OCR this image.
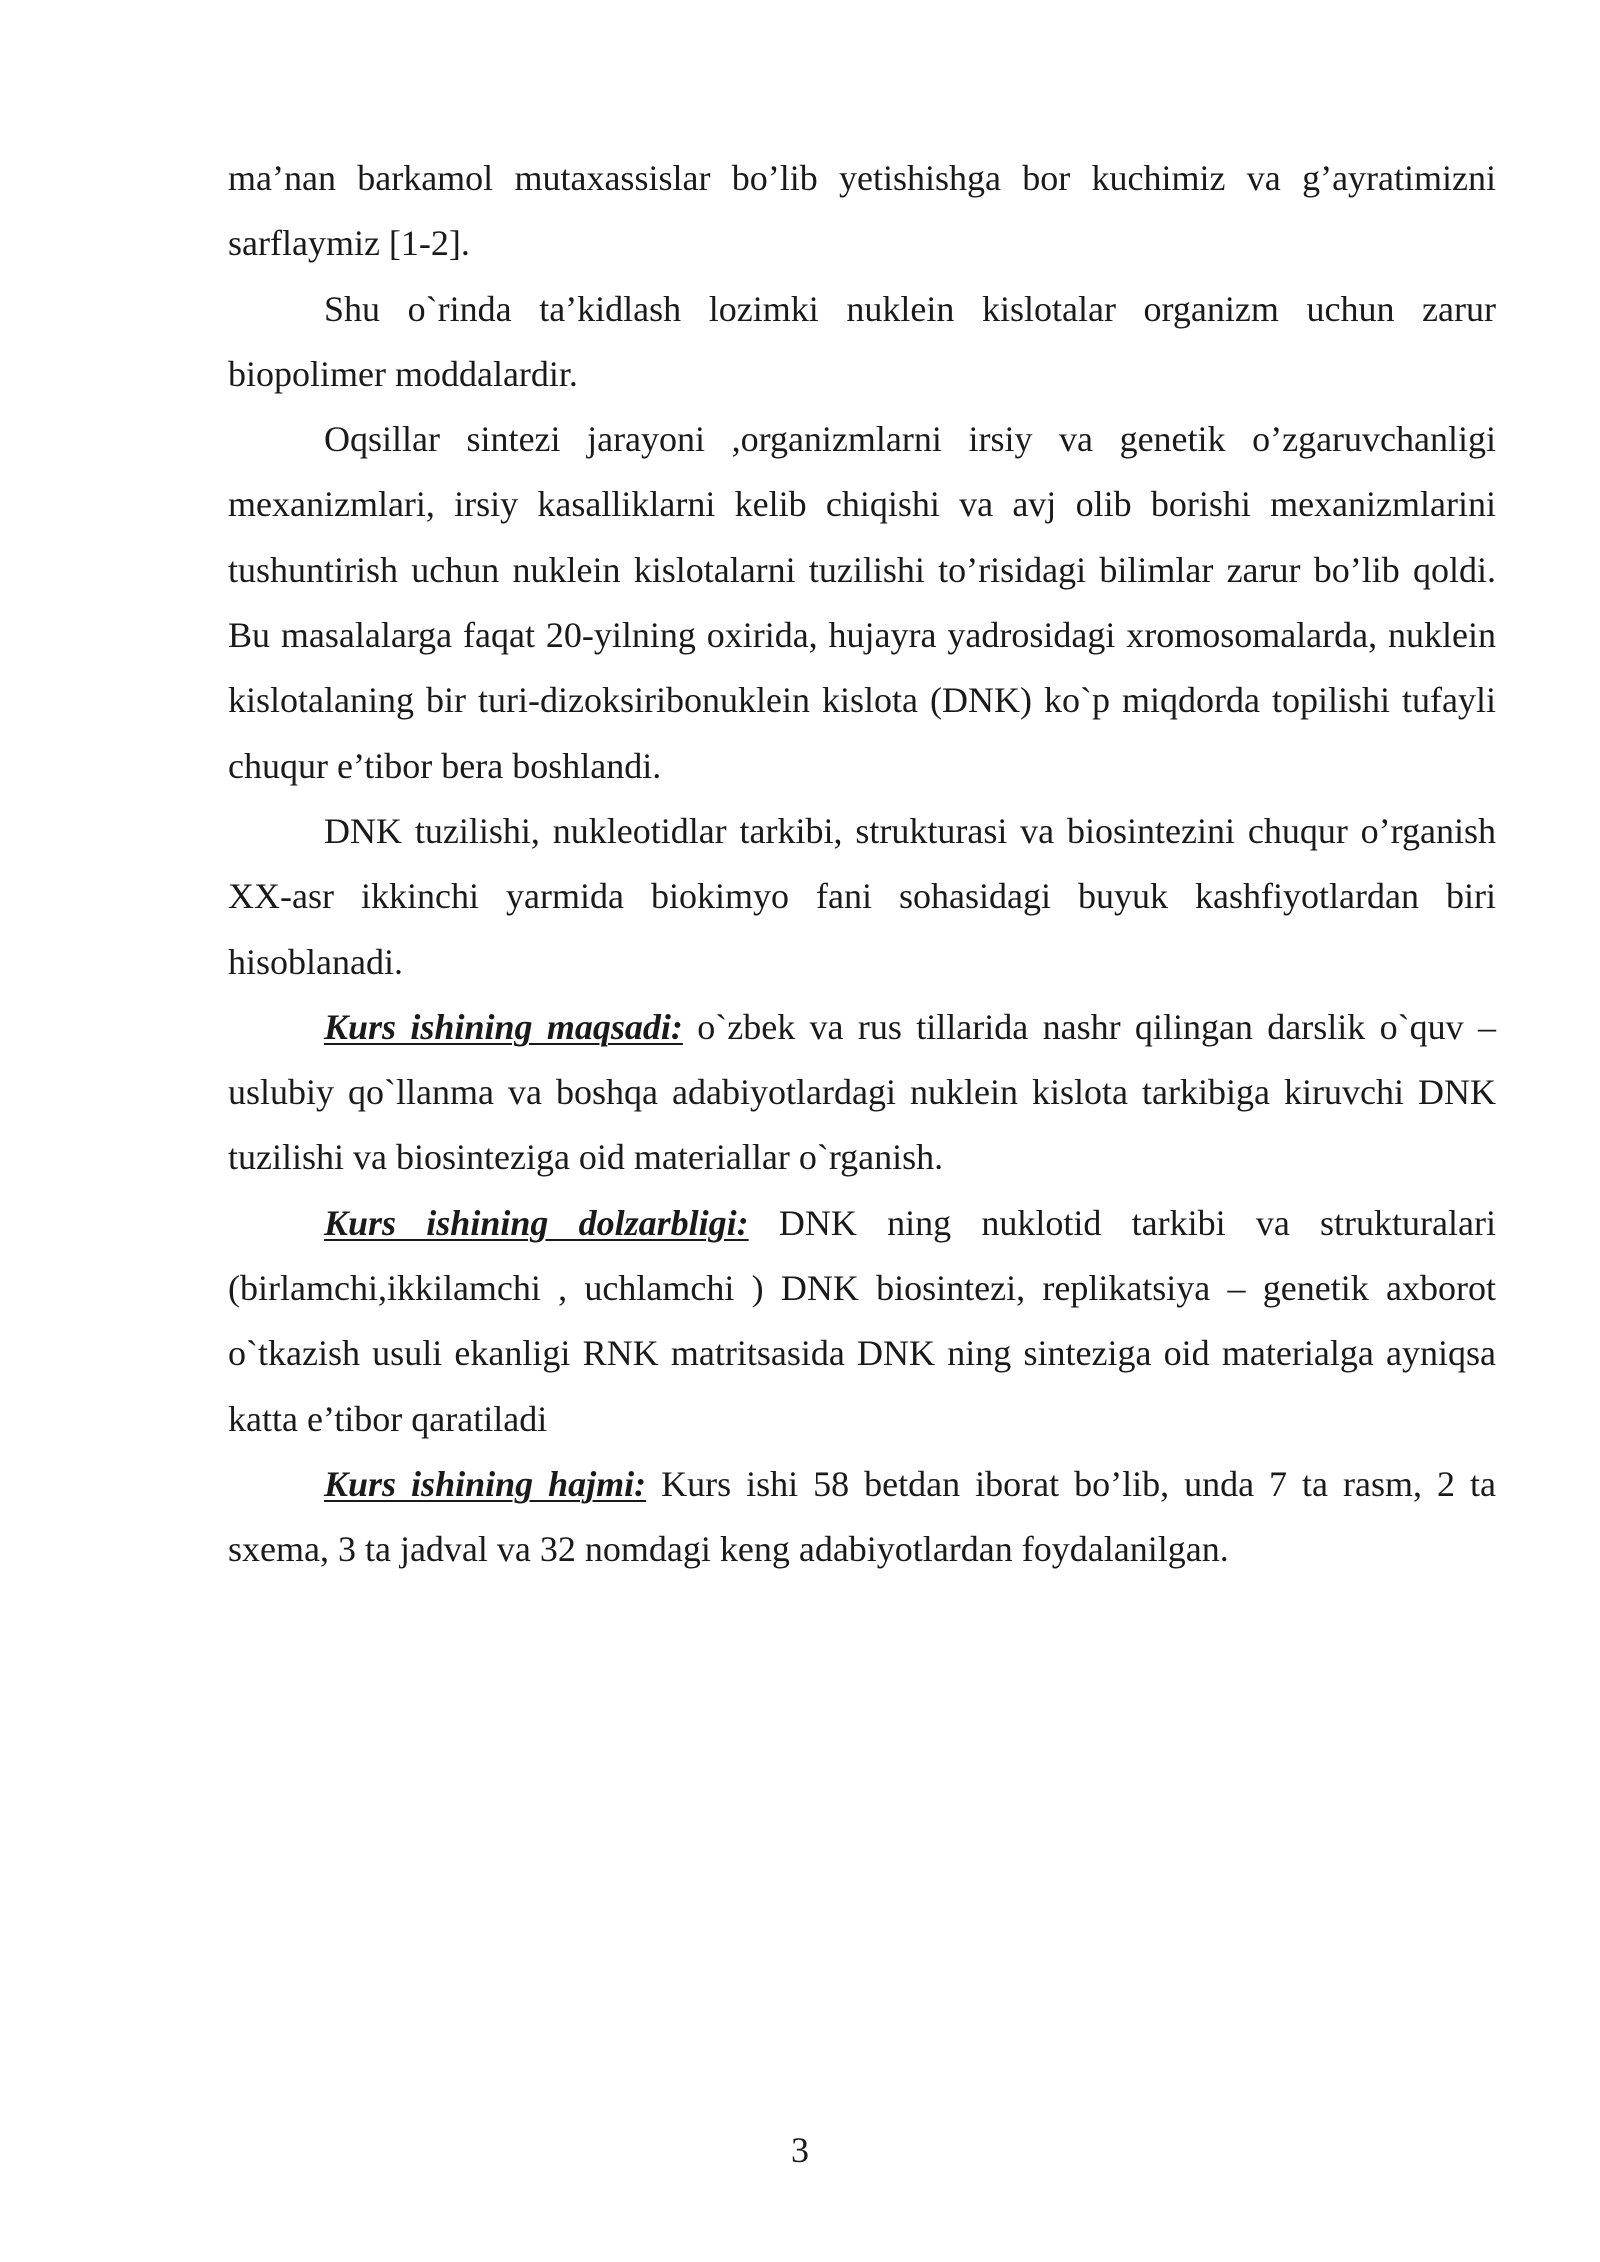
ma’nan barkamol mutaxassislar bo’lib yetishishga bor kuchimiz va g’ayratimizni sarflaymiz [1-2].

Shu o`rinda ta’kidlash lozimki nuklein kislotalar organizm uchun zarur biopolimer moddalardir.

Oqsillar sintezi jarayoni ,organizmlarni irsiy va genetik o’zgaruvchanligi mexanizmlari, irsiy kasalliklarni kelib chiqishi va avj olib borishi mexanizmlarini tushuntirish uchun nuklein kislotalarni tuzilishi to’risidagi bilimlar zarur bo’lib qoldi. Bu masalalarga faqat 20-yilning oxirida, hujayra yadrosidagi xromosomalarda, nuklein kislotalaning bir turi-dizoksiribonuklein kislota (DNK) ko`p miqdorda topilishi tufayli chuqur e’tibor bera boshlandi.

DNK tuzilishi, nukleotidlar tarkibi, strukturasi va biosintezini chuqur o’rganish XX-asr ikkinchi yarmida biokimyo fani sohasidagi buyuk kashfiyotlardan biri hisoblanadi.

Kurs ishining maqsadi: o`zbek va rus tillarida nashr qilingan darslik o`quv – uslubiy qo`llanma va boshqa adabiyotlardagi nuklein kislota tarkibiga kiruvchi DNK tuzilishi va biosinteziga oid materiallar o`rganish.

Kurs ishining dolzarbligi: DNK ning nuklotid tarkibi va strukturalari (birlamchi,ikkilamchi , uchlamchi ) DNK biosintezi, replikatsiya – genetik axborot o`tkazish usuli ekanligi RNK matritsasida DNK ning sinteziga oid materialga ayniqsa katta e’tibor qaratiladi

Kurs ishining hajmi: Kurs ishi 58 betdan iborat bo’lib, unda 7 ta rasm, 2 ta sxema, 3 ta jadval va 32 nomdagi keng adabiyotlardan foydalanilgan.

3
